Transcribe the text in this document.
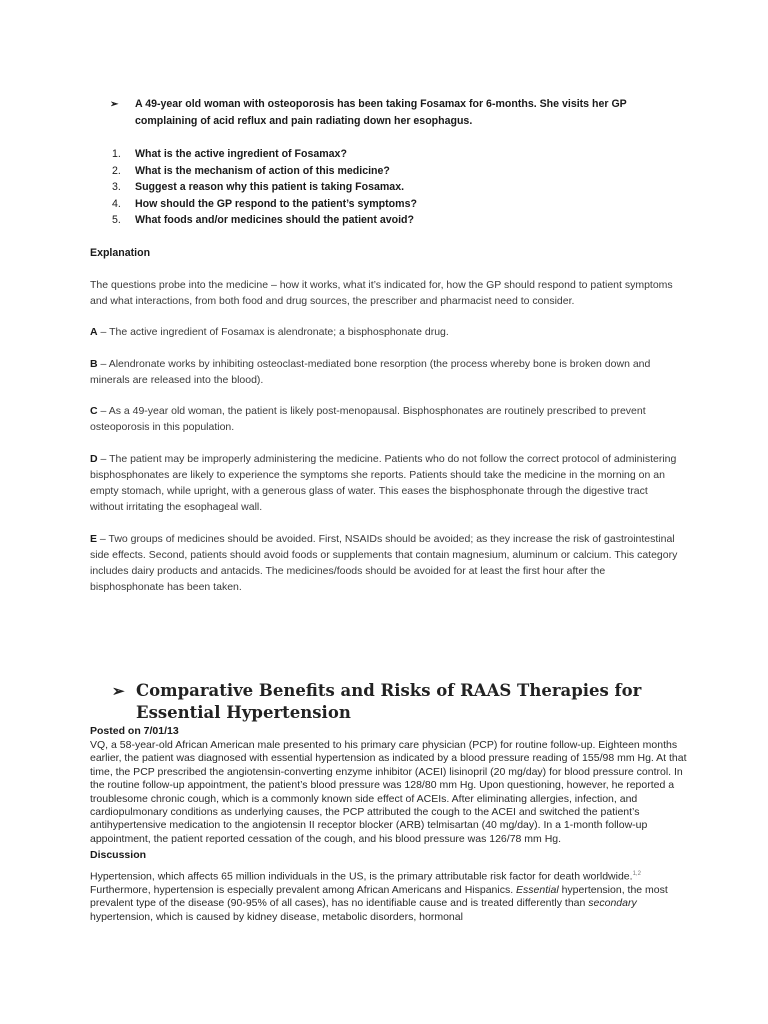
➢ A 49-year old woman with osteoporosis has been taking Fosamax for 6-months. She visits her GP complaining of acid reflux and pain radiating down her esophagus.
1. What is the active ingredient of Fosamax?
2. What is the mechanism of action of this medicine?
3. Suggest a reason why this patient is taking Fosamax.
4. How should the GP respond to the patient’s symptoms?
5. What foods and/or medicines should the patient avoid?
Explanation

The questions probe into the medicine – how it works, what it’s indicated for, how the GP should respond to patient symptoms and what interactions, from both food and drug sources, the prescriber and pharmacist need to consider.

A – The active ingredient of Fosamax is alendronate; a bisphosphonate drug.

B – Alendronate works by inhibiting osteoclast-mediated bone resorption (the process whereby bone is broken down and minerals are released into the blood).

C – As a 49-year old woman, the patient is likely post-menopausal. Bisphosphonates are routinely prescribed to prevent osteoporosis in this population.

D – The patient may be improperly administering the medicine. Patients who do not follow the correct protocol of administering bisphosphonates are likely to experience the symptoms she reports. Patients should take the medicine in the morning on an empty stomach, while upright, with a generous glass of water. This eases the bisphosphonate through the digestive tract without irritating the esophageal wall.

E – Two groups of medicines should be avoided. First, NSAIDs should be avoided; as they increase the risk of gastrointestinal side effects. Second, patients should avoid foods or supplements that contain magnesium, aluminum or calcium. This category includes dairy products and antacids. The medicines/foods should be avoided for at least the first hour after the bisphosphonate has been taken.

➢ Comparative Benefits and Risks of RAAS Therapies for Essential Hypertension
Posted on 7/01/13

VQ, a 58-year-old African American male presented to his primary care physician (PCP) for routine follow-up. Eighteen months earlier, the patient was diagnosed with essential hypertension as indicated by a blood pressure reading of 155/98 mm Hg. At that time, the PCP prescribed the angiotensin-converting enzyme inhibitor (ACEI) lisinopril (20 mg/day) for blood pressure control. In the routine follow-up appointment, the patient’s blood pressure was 128/80 mm Hg. Upon questioning, however, he reported a troublesome chronic cough, which is a commonly known side effect of ACEIs. After eliminating allergies, infection, and cardiopulmonary conditions as underlying causes, the PCP attributed the cough to the ACEI and switched the patient’s antihypertensive medication to the angiotensin II receptor blocker (ARB) telmisartan (40 mg/day). In a 1-month follow-up appointment, the patient reported cessation of the cough, and his blood pressure was 126/78 mm Hg.

Discussion

Hypertension, which affects 65 million individuals in the US, is the primary attributable risk factor for death worldwide.$^{1,2}$ Furthermore, hypertension is especially prevalent among African Americans and Hispanics. Essential hypertension, the most prevalent type of the disease (90-95% of all cases), has no identifiable cause and is treated differently than secondary hypertension, which is caused by kidney disease, metabolic disorders, hormonal
